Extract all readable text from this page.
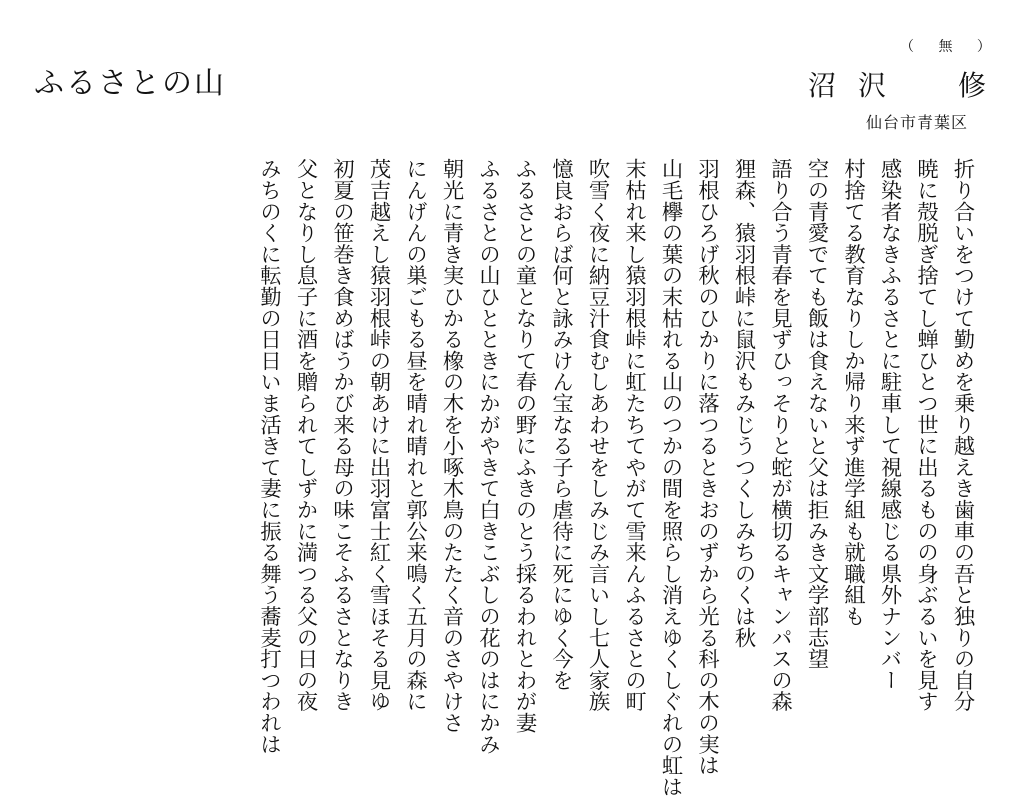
ふるさとの山
（ 無 ）
沼沢 修
仙台市青葉区
折り合いをつけて勤めを乗り越えき歯車の吾と独りの自分
暁に殻脱ぎ捨てし蝉ひとつ世に出るものの身ぶるいを見す
感染者なきふるさとに駐車して視線感じる県外ナンバー
村捨てる教育なりしか帰り来ず進学組も就職組も
空の青愛でても飯は食えないと父は拒みき文学部志望
語り合う青春を見ずひっそりと蛇が横切るキャンパスの森
狸森、猿羽根峠に鼠沢もみじうつくしみちのくは秋
羽根ひろげ秋のひかりに落つるときおのずから光る科の木の実は
山毛欅の葉の末枯れる山のつかの間を照らし消えゆくしぐれの虹は
末枯れ来し猿羽根峠に虹たちてやがて雪来んふるさとの町
吹雪く夜に納豆汁食むしあわせをしみじみ言いし七人家族
憶良おらば何と詠みけん宝なる子ら虐待に死にゆく今を
ふるさとの童となりて春の野にふきのとう採るわれとわが妻
ふるさとの山ひとときにかがやきて白きこぶしの花のはにかみ
朝光に青き実ひかる橡の木を小啄木鳥のたたく音のさやけさ
にんげんの巣ごもる昼を晴れ晴れと郭公来鳴く五月の森に
茂吉越えし猿羽根峠の朝あけに出羽富士紅く雪ほそる見ゆ
初夏の笹巻き食めばうかび来る母の味こそふるさとなりき
父となりし息子に酒を贈られてしずかに満つる父の日の夜
みちのくに転勤の日日いま活きて妻に振る舞う蕎麦打つわれは
